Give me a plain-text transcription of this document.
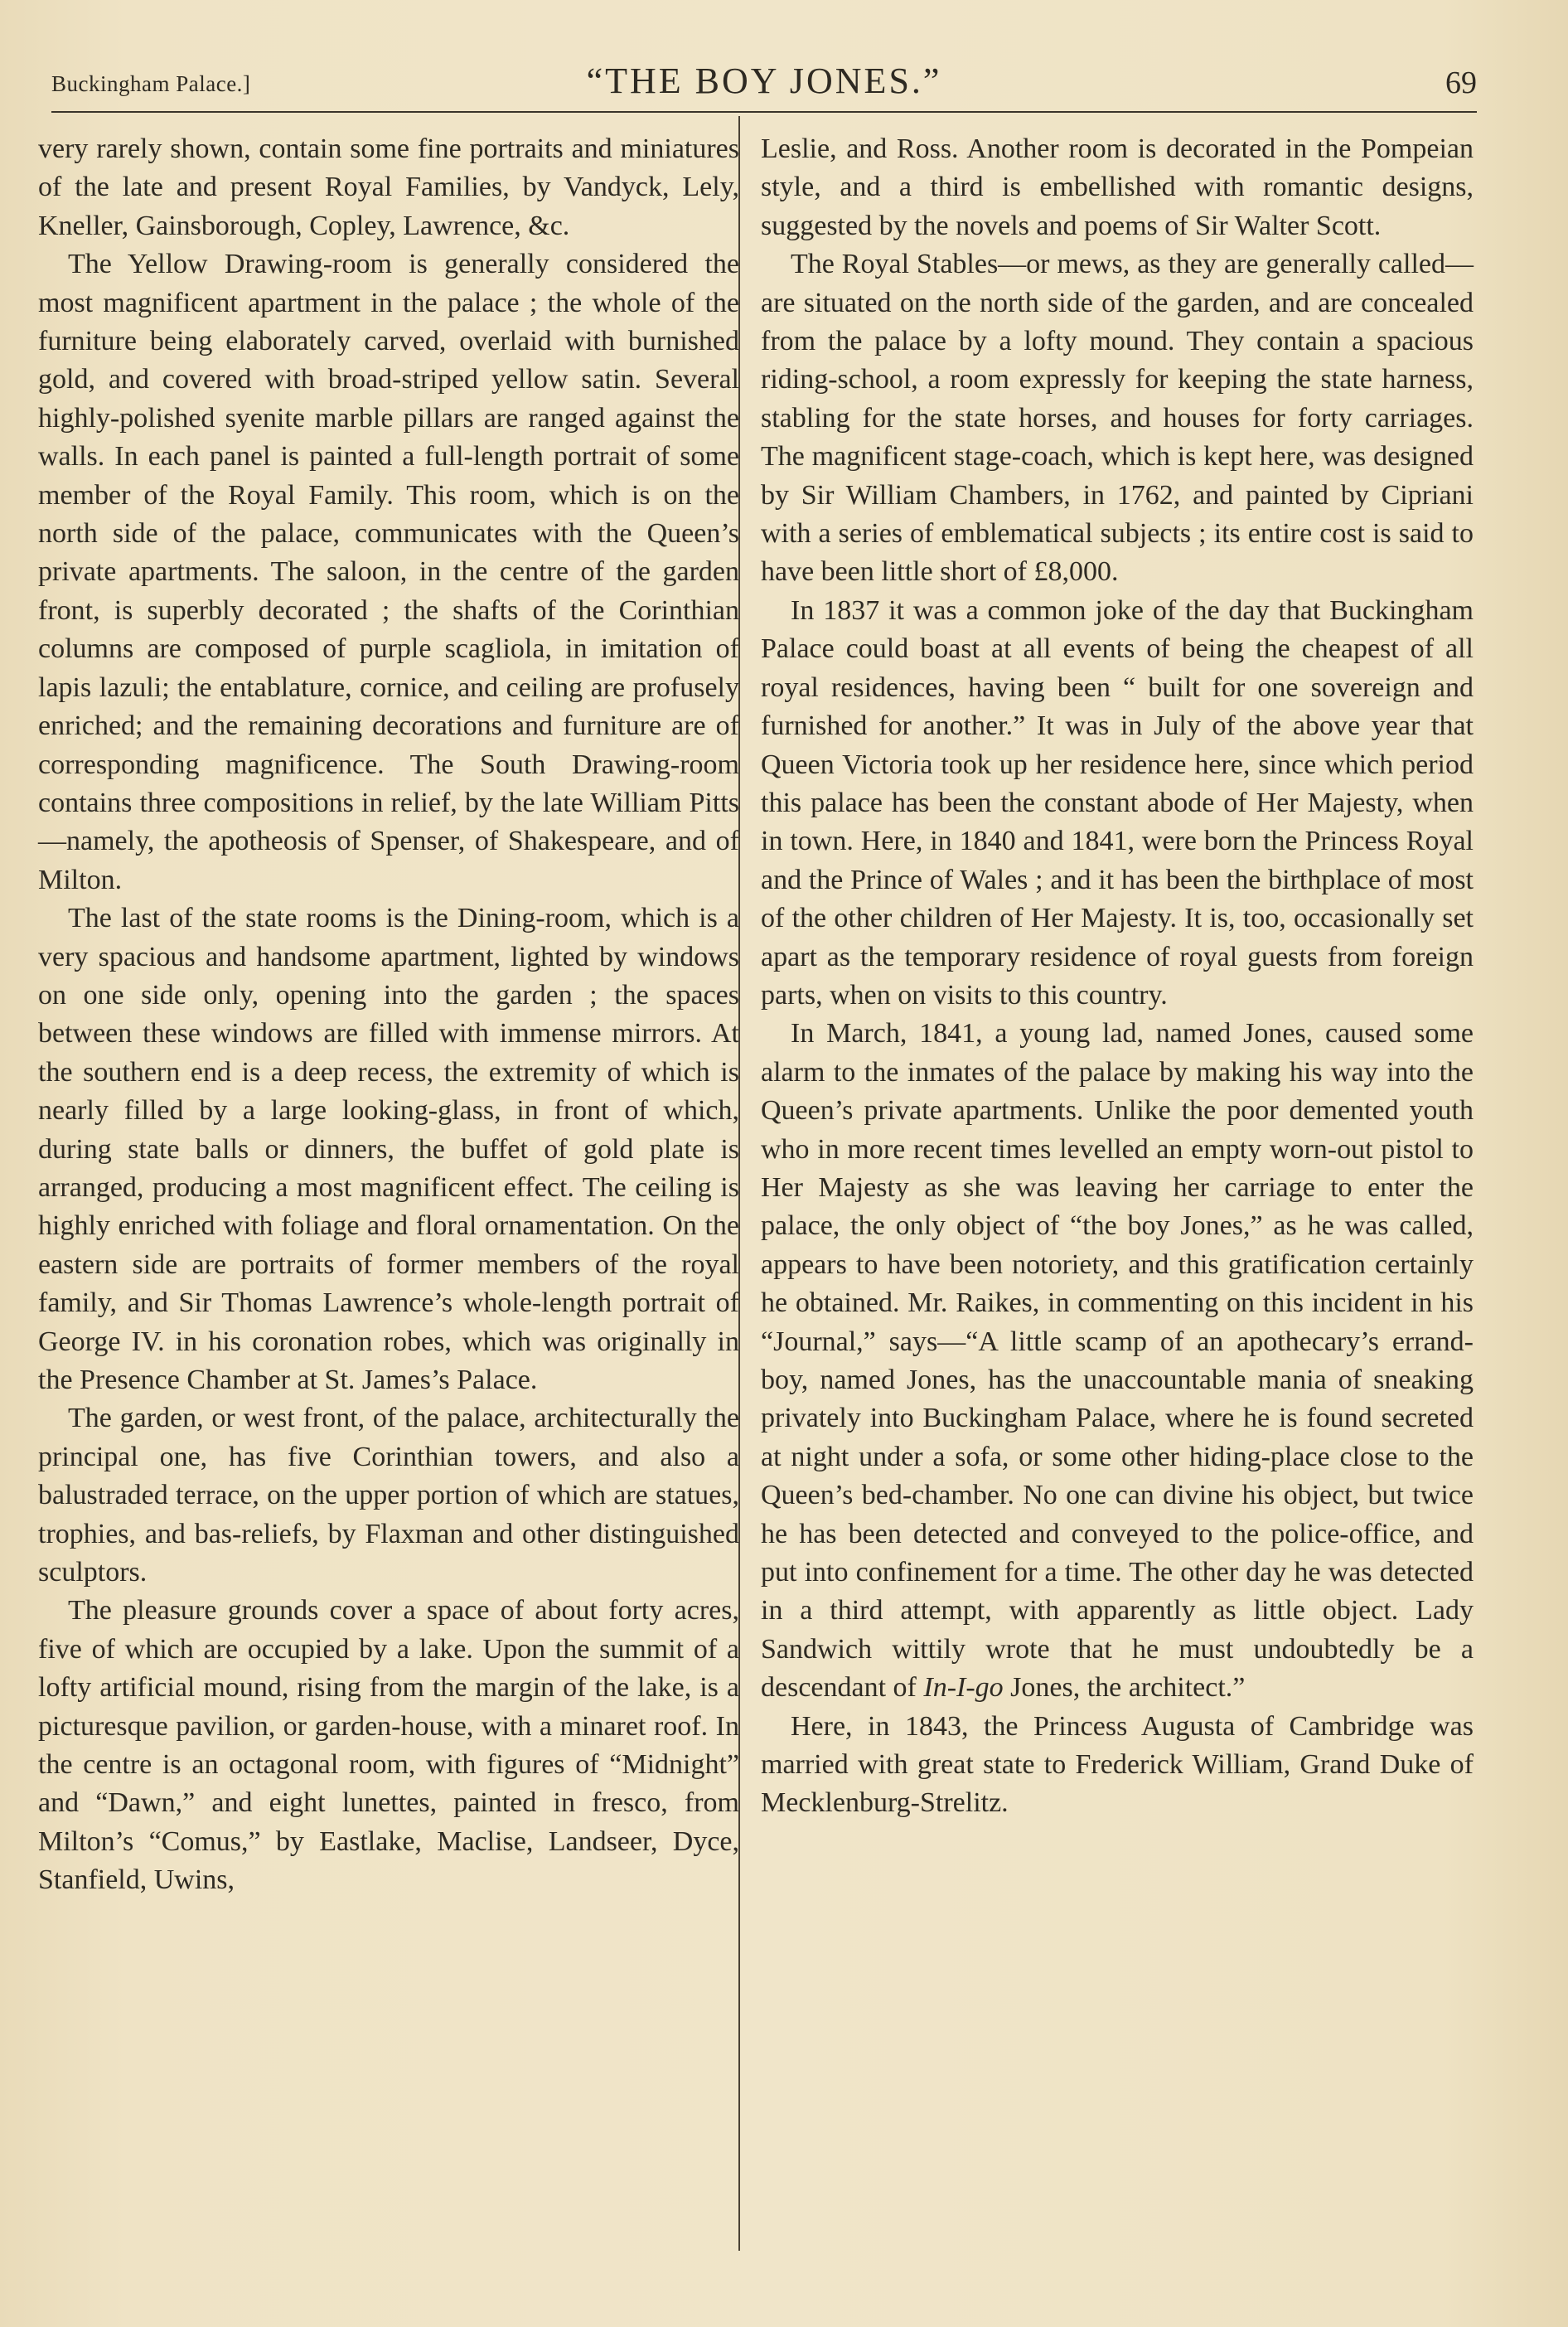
Buckingham Palace.]	“THE BOY JONES.”	69

very rarely shown, contain some fine portraits and miniatures of the late and present Royal Families, by Vandyck, Lely, Kneller, Gainsborough, Copley, Lawrence, &c.

The Yellow Drawing-room is generally considered the most magnificent apartment in the palace ; the whole of the furniture being elaborately carved, overlaid with burnished gold, and covered with broad-striped yellow satin. Several highly-polished syenite marble pillars are ranged against the walls. In each panel is painted a full-length portrait of some member of the Royal Family. This room, which is on the north side of the palace, communicates with the Queen’s private apartments. The saloon, in the centre of the garden front, is superbly decorated ; the shafts of the Corinthian columns are composed of purple scagliola, in imitation of lapis lazuli; the entablature, cornice, and ceiling are profusely enriched; and the remaining decorations and furniture are of corresponding magnificence. The South Drawing-room contains three compositions in relief, by the late William Pitts—namely, the apotheosis of Spenser, of Shakespeare, and of Milton.

The last of the state rooms is the Dining-room, which is a very spacious and handsome apartment, lighted by windows on one side only, opening into the garden ; the spaces between these windows are filled with immense mirrors. At the southern end is a deep recess, the extremity of which is nearly filled by a large looking-glass, in front of which, during state balls or dinners, the buffet of gold plate is arranged, producing a most magnificent effect. The ceiling is highly enriched with foliage and floral ornamentation. On the eastern side are portraits of former members of the royal family, and Sir Thomas Lawrence’s whole-length portrait of George IV. in his coronation robes, which was originally in the Presence Chamber at St. James’s Palace.

The garden, or west front, of the palace, architecturally the principal one, has five Corinthian towers, and also a balustraded terrace, on the upper portion of which are statues, trophies, and bas-reliefs, by Flaxman and other distinguished sculptors.

The pleasure grounds cover a space of about forty acres, five of which are occupied by a lake. Upon the summit of a lofty artificial mound, rising from the margin of the lake, is a picturesque pavilion, or garden-house, with a minaret roof. In the centre is an octagonal room, with figures of “Midnight” and “Dawn,” and eight lunettes, painted in fresco, from Milton’s “Comus,” by Eastlake, Maclise, Landseer, Dyce, Stanfield, Uwins,

Leslie, and Ross. Another room is decorated in the Pompeian style, and a third is embellished with romantic designs, suggested by the novels and poems of Sir Walter Scott.

The Royal Stables—or mews, as they are generally called—are situated on the north side of the garden, and are concealed from the palace by a lofty mound. They contain a spacious riding-school, a room expressly for keeping the state harness, stabling for the state horses, and houses for forty carriages. The magnificent stage-coach, which is kept here, was designed by Sir William Chambers, in 1762, and painted by Cipriani with a series of emblematical subjects ; its entire cost is said to have been little short of £8,000.

In 1837 it was a common joke of the day that Buckingham Palace could boast at all events of being the cheapest of all royal residences, having been “ built for one sovereign and furnished for another.” It was in July of the above year that Queen Victoria took up her residence here, since which period this palace has been the constant abode of Her Majesty, when in town. Here, in 1840 and 1841, were born the Princess Royal and the Prince of Wales ; and it has been the birthplace of most of the other children of Her Majesty. It is, too, occasionally set apart as the temporary residence of royal guests from foreign parts, when on visits to this country.

In March, 1841, a young lad, named Jones, caused some alarm to the inmates of the palace by making his way into the Queen’s private apartments. Unlike the poor demented youth who in more recent times levelled an empty worn-out pistol to Her Majesty as she was leaving her carriage to enter the palace, the only object of “the boy Jones,” as he was called, appears to have been notoriety, and this gratification certainly he obtained. Mr. Raikes, in commenting on this incident in his “Journal,” says—“A little scamp of an apothecary’s errand-boy, named Jones, has the unaccountable mania of sneaking privately into Buckingham Palace, where he is found secreted at night under a sofa, or some other hiding-place close to the Queen’s bed-chamber. No one can divine his object, but twice he has been detected and conveyed to the police-office, and put into confinement for a time. The other day he was detected in a third attempt, with apparently as little object. Lady Sandwich wittily wrote that he must undoubtedly be a descendant of In-I-go Jones, the architect.”

Here, in 1843, the Princess Augusta of Cambridge was married with great state to Frederick William, Grand Duke of Mecklenburg-Strelitz.
